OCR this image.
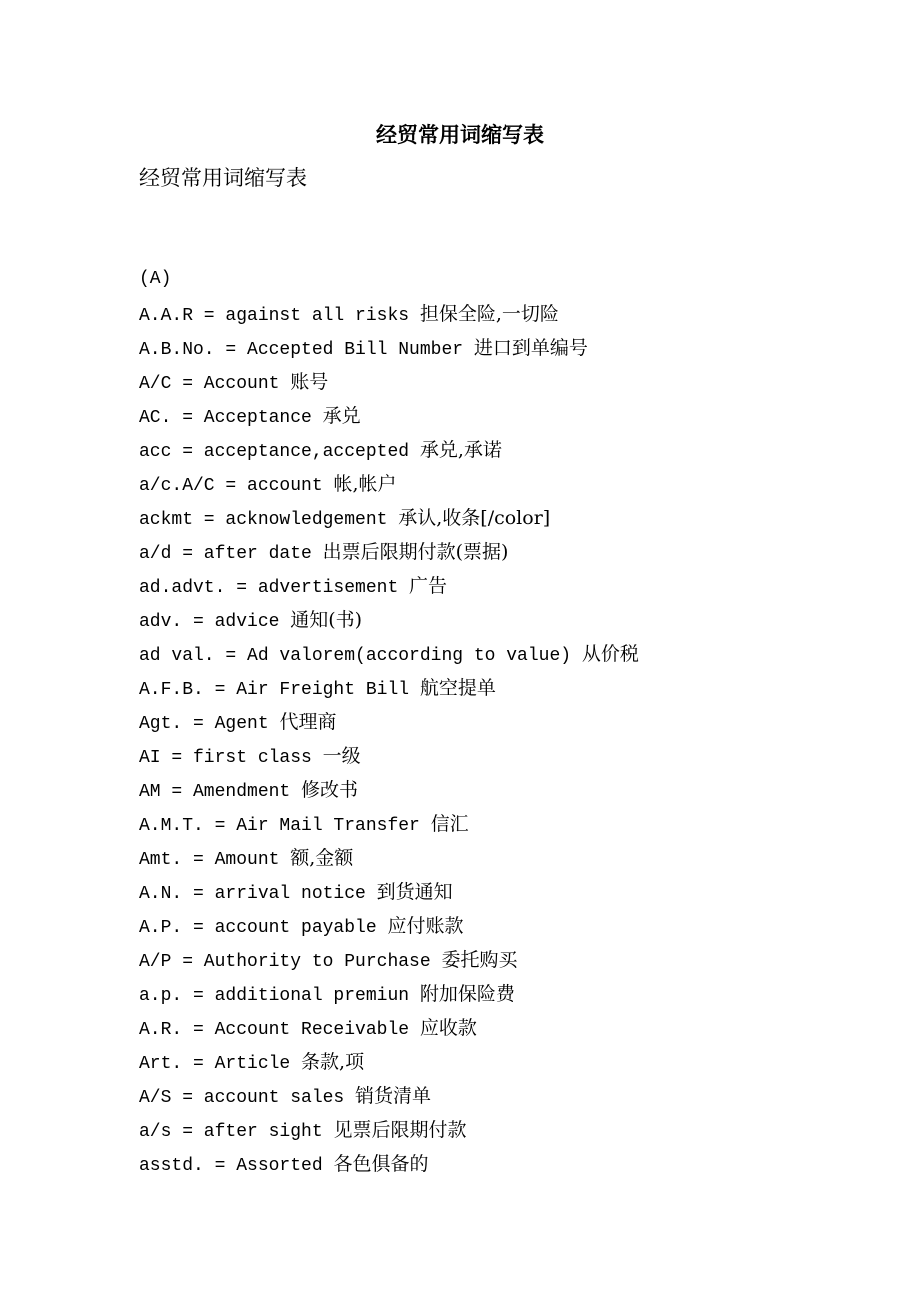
经贸常用词缩写表
经贸常用词缩写表
(A)
A.A.R = against all risks 担保全险,一切险
A.B.No. = Accepted Bill Number 进口到单编号
A/C = Account 账号
AC. = Acceptance 承兑
acc = acceptance,accepted 承兑,承诺
a/c.A/C = account 帐,帐户
ackmt = acknowledgement 承认,收条[/color]
a/d = after date 出票后限期付款(票据)
ad.advt. = advertisement 广告
adv. = advice 通知(书)
ad val. = Ad valorem(according to value) 从价税
A.F.B. = Air Freight Bill 航空提单
Agt. = Agent 代理商
AI = first class 一级
AM = Amendment 修改书
A.M.T. = Air Mail Transfer 信汇
Amt. = Amount 额,金额
A.N. = arrival notice 到货通知
A.P. = account payable 应付账款
A/P = Authority to Purchase 委托购买
a.p. = additional premiun 附加保险费
A.R. = Account Receivable 应收款
Art. = Article 条款,项
A/S = account sales 销货清单
a/s = after sight 见票后限期付款
asstd. = Assorted 各色俱备的
